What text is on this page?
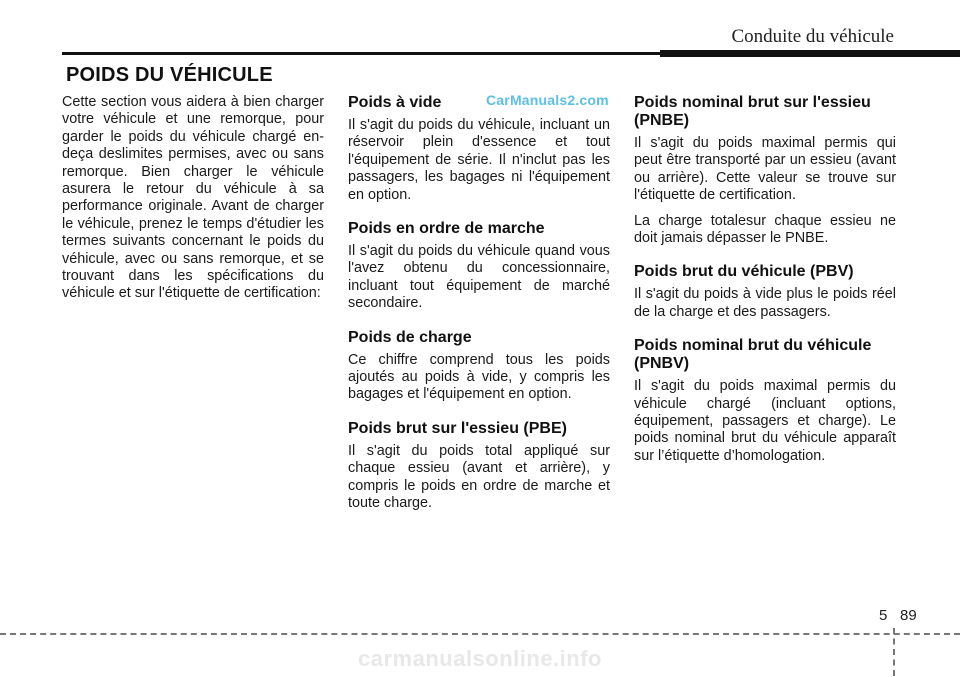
Conduite du véhicule
POIDS DU VÉHICULE
CarManuals2.com

Cette section vous aidera à bien charger votre véhicule et une remorque, pour garder le poids du véhicule chargé en-deça deslimites permises, avec ou sans remorque. Bien charger le véhicule asurera le retour du véhicule à sa performance originale. Avant de charger le véhicule, prenez le temps d'étudier les termes suivants concernant le poids du véhicule, avec ou sans remorque, et se trouvant dans les spécifications du véhicule et sur l'étiquette de certification:

Poids à vide

Il s'agit du poids du véhicule, incluant un réservoir plein d'essence et tout l'équipement de série. Il n'inclut pas les passagers, les bagages ni l'équipement en option.

Poids en ordre de marche

Il s'agit du poids du véhicule quand vous l'avez obtenu du concessionnaire, incluant tout équipement de marché secondaire.

Poids de charge

Ce chiffre comprend tous les poids ajoutés au poids à vide, y compris les bagages et l'équipement en option.

Poids brut sur l'essieu (PBE)

Il s'agit du poids total appliqué sur chaque essieu (avant et arrière), y compris le poids en ordre de marche et toute charge.

Poids nominal brut sur l'essieu (PNBE)

Il s'agit du poids maximal permis qui peut être transporté par un essieu (avant ou arrière). Cette valeur se trouve sur l'étiquette de certification.

La charge totalesur chaque essieu ne doit jamais dépasser le PNBE.

Poids brut du véhicule (PBV)

Il s'agit du poids à vide plus le poids réel de la charge et des passagers.

Poids nominal brut du véhicule (PNBV)

Il s'agit du poids maximal permis du véhicule chargé (incluant options, équipement, passagers et charge). Le poids nominal brut du véhicule apparaît sur l’étiquette d’homologation.

5 89
carmanualsonline.info
